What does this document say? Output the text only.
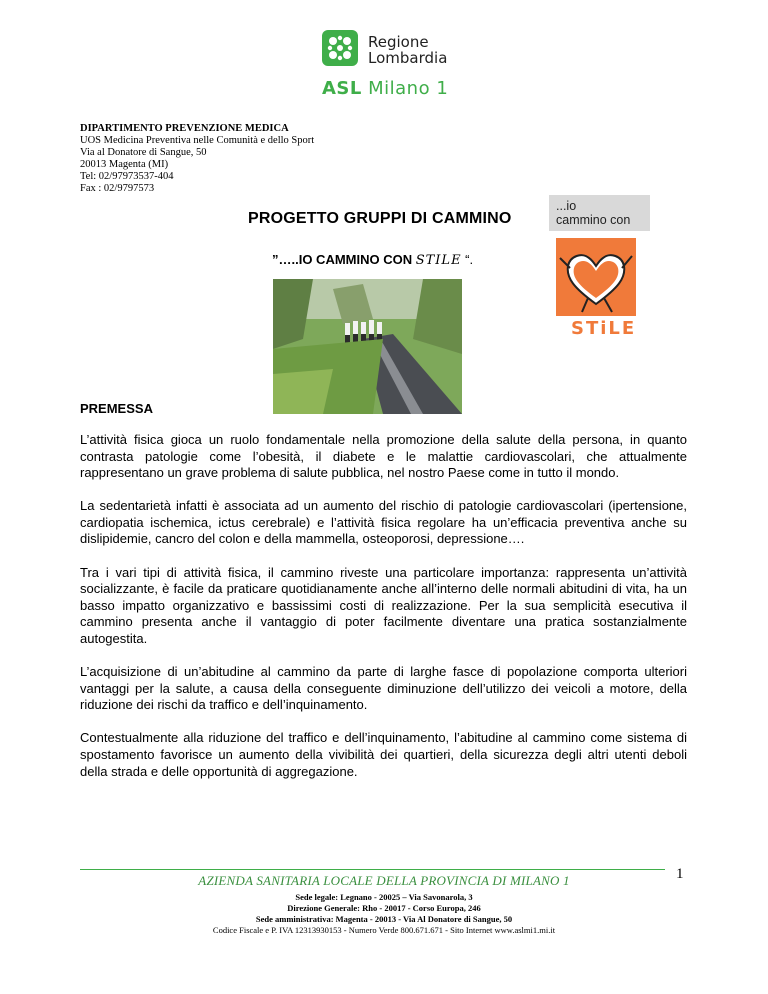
Regione
Lombardia
ASL Milano 1
DIPARTIMENTO PREVENZIONE MEDICA
UOS Medicina Preventiva nelle Comunità e dello Sport
Via al Donatore di Sangue, 50
20013 Magenta (MI)
Tel: 02/97973537-404
Fax : 02/9797573
PROGETTO GRUPPI DI CAMMINO
”…..IO CAMMINO CON STILE “.
...io
cammino con
STiLE
PREMESSA

L’attività fisica gioca un ruolo fondamentale nella promozione della salute della persona, in quanto contrasta patologie come l’obesità, il diabete e le malattie cardiovascolari, che attualmente rappresentano un grave problema di salute pubblica, nel nostro Paese come in tutto il mondo.

La sedentarietà infatti è associata ad un aumento del rischio di patologie cardiovascolari (ipertensione, cardiopatia ischemica, ictus cerebrale) e l’attività fisica regolare ha un’efficacia preventiva anche su dislipidemie, cancro del colon e della mammella, osteoporosi, depressione….

Tra i vari tipi di attività fisica, il cammino riveste una particolare importanza: rappresenta un’attività socializzante, è facile da praticare quotidianamente anche all’interno delle normali abitudini di vita, ha un basso impatto organizzativo e bassissimi costi di realizzazione. Per la sua semplicità esecutiva il cammino presenta anche il vantaggio di poter facilmente diventare una pratica sostanzialmente autogestita.

L’acquisizione di un’abitudine al cammino da parte di larghe fasce di popolazione comporta ulteriori vantaggi per la salute, a causa della conseguente diminuzione dell’utilizzo dei veicoli a motore, della riduzione dei rischi da traffico e dell’inquinamento.

Contestualmente alla riduzione del traffico e dell’inquinamento, l’abitudine al cammino come sistema di spostamento favorisce un aumento della vivibilità dei quartieri, della sicurezza degli altri utenti deboli della strada e delle opportunità di aggregazione.

AZIENDA SANITARIA LOCALE DELLA PROVINCIA DI MILANO 1	1
Sede legale: Legnano - 20025 – Via Savonarola, 3
Direzione Generale: Rho - 20017 - Corso Europa, 246
Sede amministrativa: Magenta - 20013 - Via Al Donatore di Sangue, 50
Codice Fiscale e P. IVA 12313930153 - Numero Verde 800.671.671 - Sito Internet www.aslmi1.mi.it
